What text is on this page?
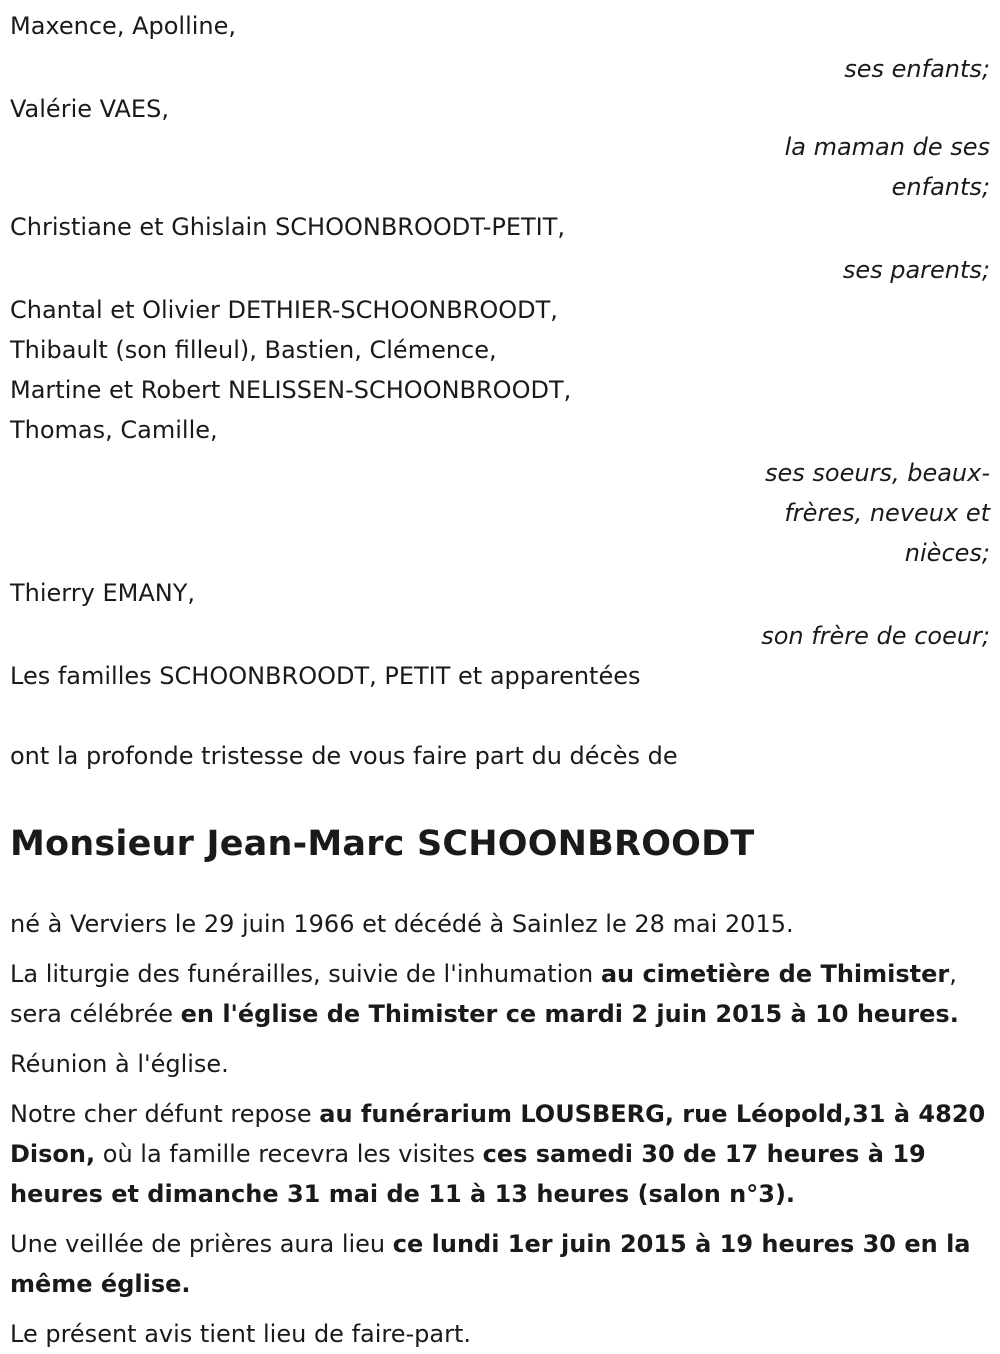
Maxence, Apolline,
ses enfants;
Valérie VAES,
la maman de ses enfants;
Christiane et Ghislain SCHOONBROODT-PETIT,
ses parents;
Chantal et Olivier DETHIER-SCHOONBROODT,
Thibault (son filleul), Bastien, Clémence,
Martine et Robert NELISSEN-SCHOONBROODT,
Thomas, Camille,
ses soeurs, beaux-frères, neveux et nièces;
Thierry EMANY,
son frère de coeur;
Les familles SCHOONBROODT, PETIT et apparentées
ont la profonde tristesse de vous faire part du décès de
Monsieur Jean-Marc SCHOONBROODT
né à Verviers le 29 juin 1966 et décédé à Sainlez le 28 mai 2015.
La liturgie des funérailles, suivie de l'inhumation au cimetière de Thimister, sera célébrée en l'église de Thimister ce mardi 2 juin 2015 à 10 heures.
Réunion à l'église.
Notre cher défunt repose au funérarium LOUSBERG, rue Léopold,31 à 4820 Dison, où la famille recevra les visites ces samedi 30 de 17 heures à 19 heures et dimanche 31 mai de 11 à 13 heures (salon n°3).
Une veillée de prières aura lieu ce lundi 1er juin 2015 à 19 heures 30 en la même église.
Le présent avis tient lieu de faire-part.
